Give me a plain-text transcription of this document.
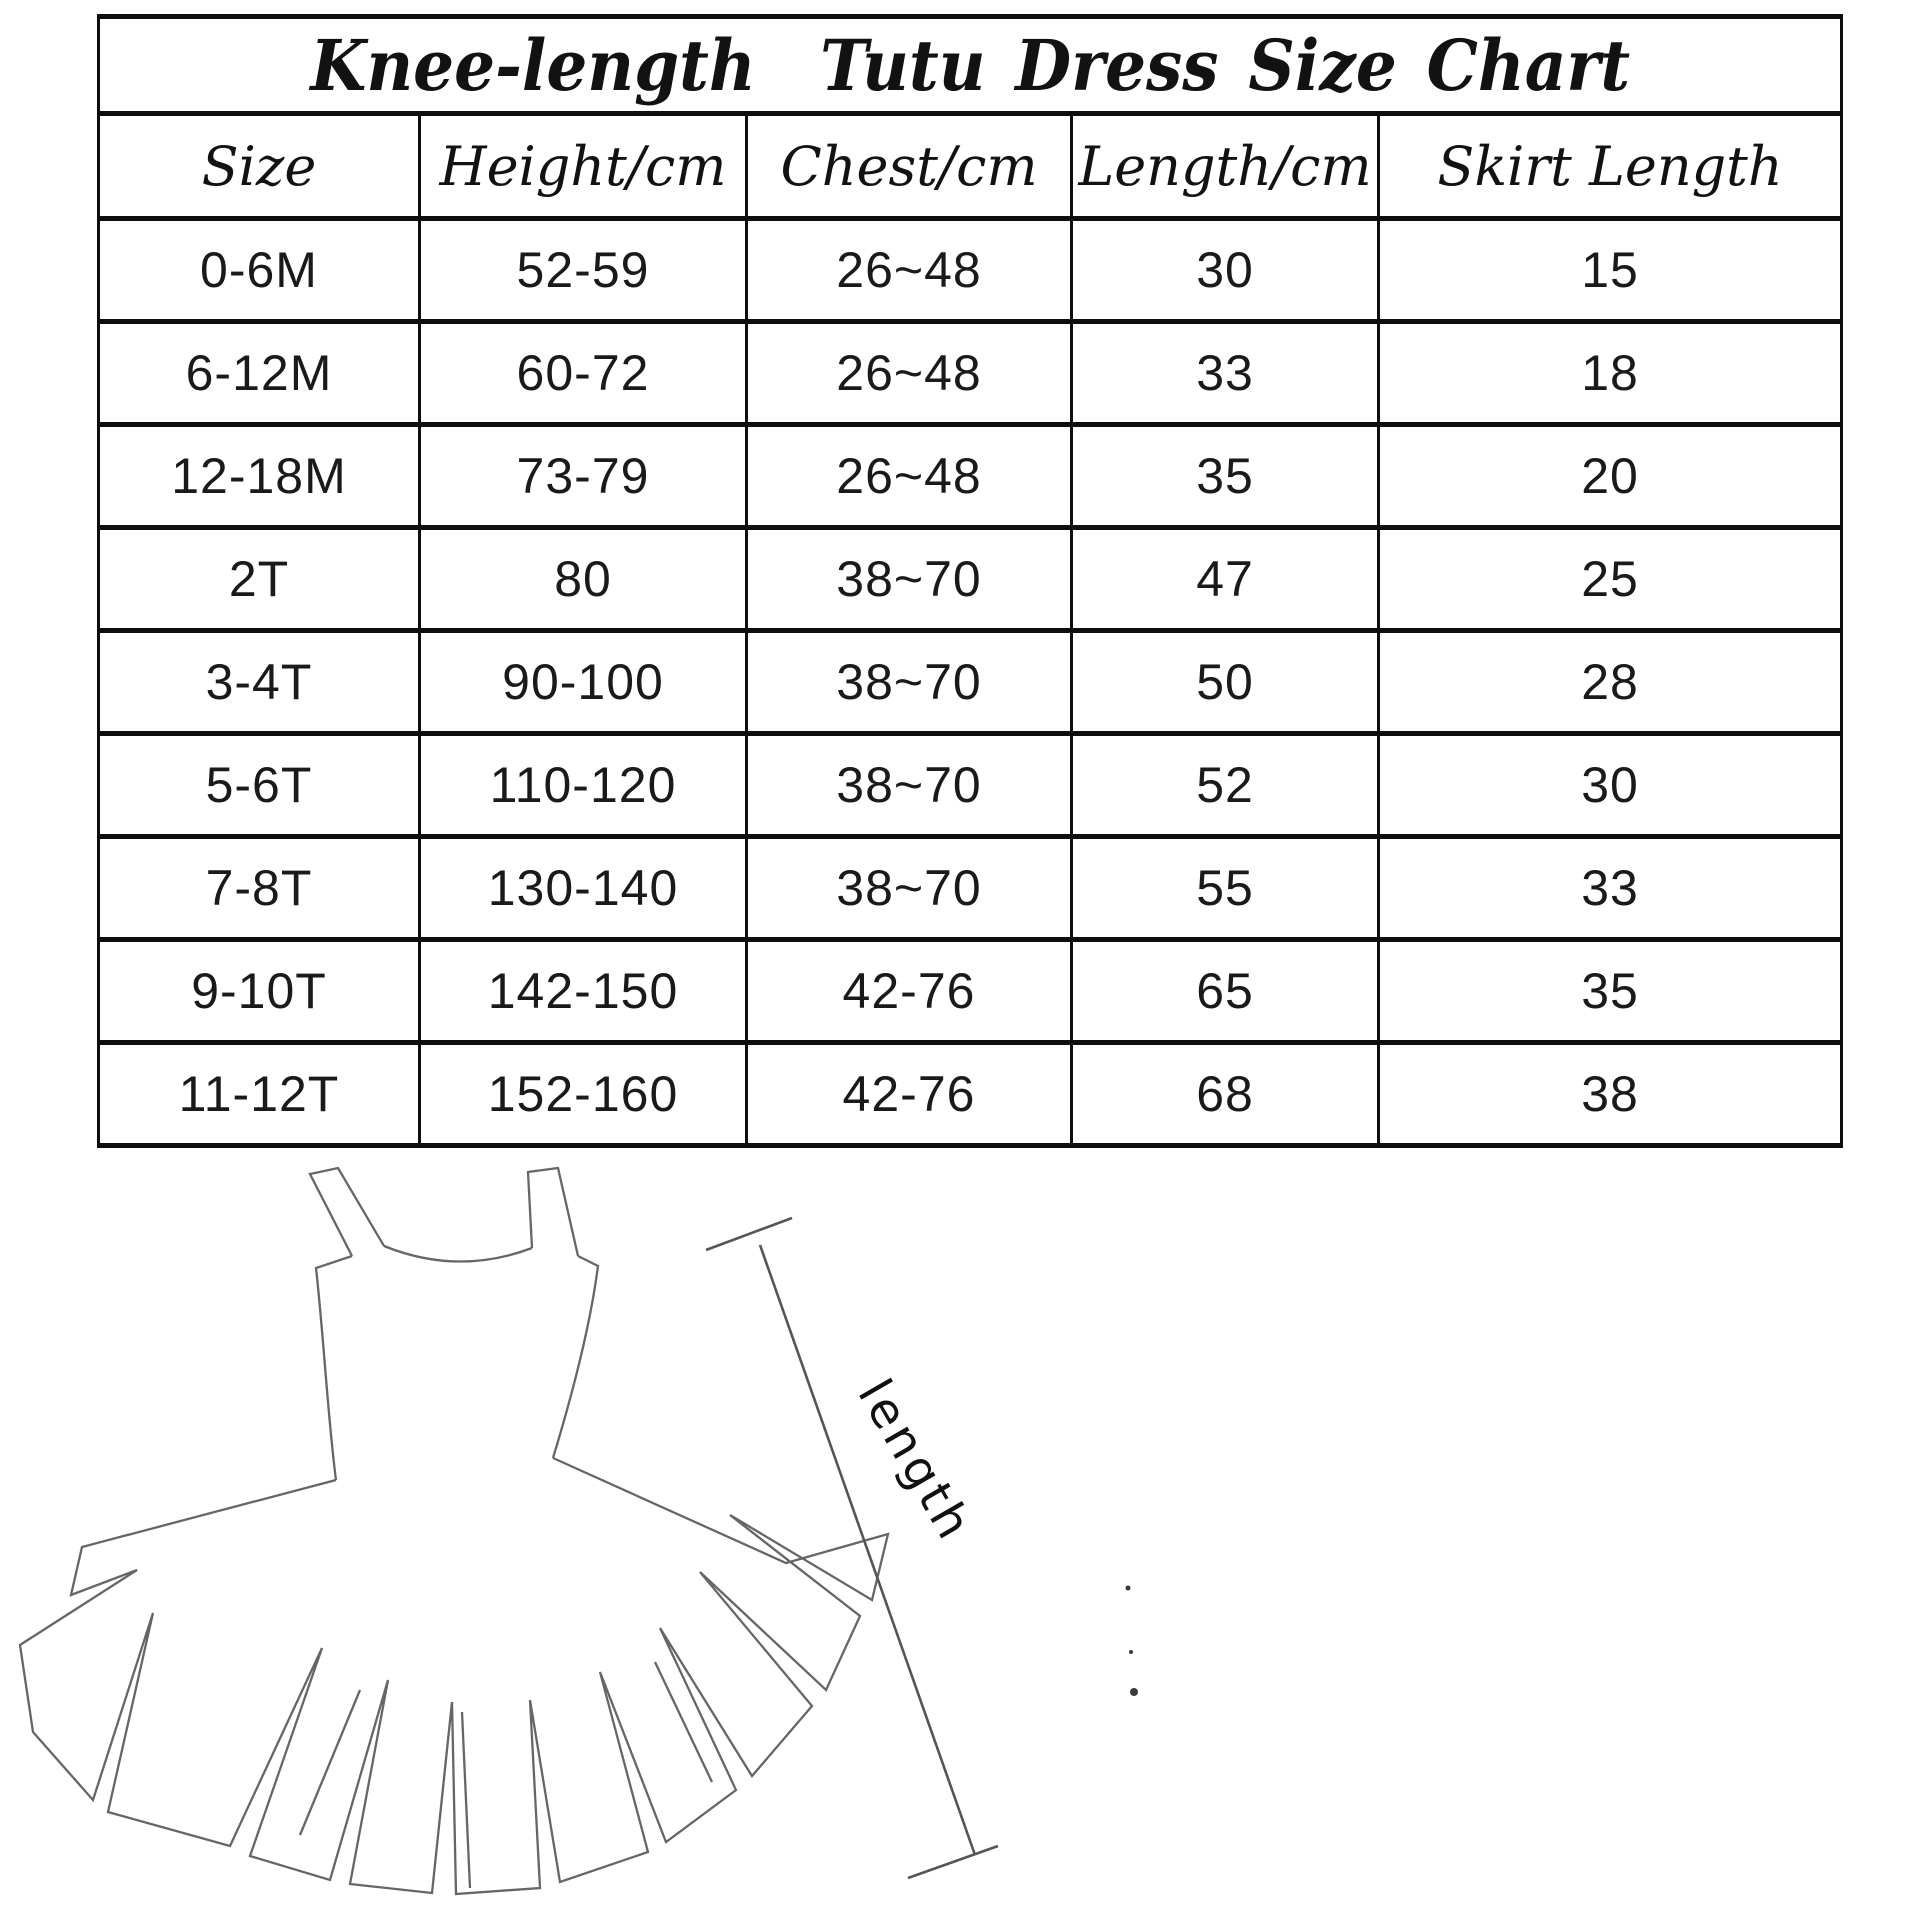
Knee-length  Tutu Dress Size Chart				
Size	Height/cm	Chest/cm	Length/cm	Skirt Length
0-6M	52-59	26~48	30	15
6-12M	60-72	26~48	33	18
12-18M	73-79	26~48	35	20
2T	80	38~70	47	25
3-4T	90-100	38~70	50	28
5-6T	110-120	38~70	52	30
7-8T	130-140	38~70	55	33
9-10T	142-150	42-76	65	35
11-12T	152-160	42-76	68	38
length
